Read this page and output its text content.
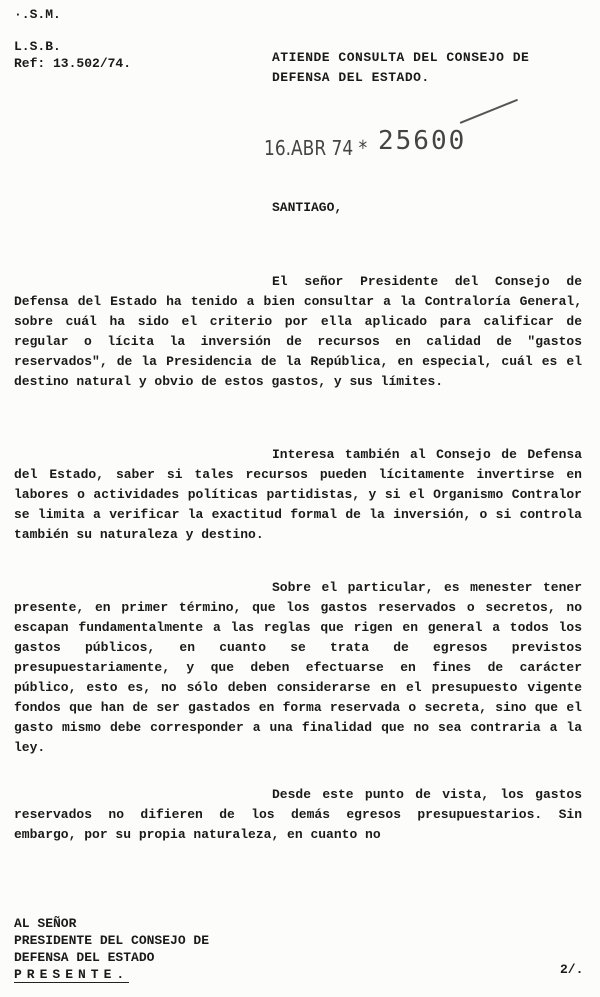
·.S.M.

L.S.B.

Ref: 13.502/74.	ATIENDE CONSULTA DEL CONSEJO DE
DEFENSA DEL ESTADO.
16.ABR 74 * 25600

SANTIAGO,

El señor Presidente del Consejo de Defensa del Estado ha tenido a bien consultar a la Contraloría General, sobre cuál ha sido el criterio por ella aplicado para calificar de regular o lícita la inversión de recursos en calidad de "gastos reservados", de la Presidencia de la República, en especial, cuál es el destino natural y obvio de estos gastos, y sus límites.

Interesa también al Consejo de Defensa del Estado, saber si tales recursos pueden lícitamente invertirse en labores o actividades políticas partidistas, y si el Organismo Contralor se limita a verificar la exactitud formal de la inversión, o si controla también su naturaleza y destino.

Sobre el particular, es menester tener presente, en primer término, que los gastos reservados o secretos, no escapan fundamentalmente a las reglas que rigen en general a todos los gastos públicos, en cuanto se trata de egresos previstos presupuestariamente, y que deben efectuarse en fines de carácter público, esto es, no sólo deben considerarse en el presupuesto vigente fondos que han de ser gastados en forma reservada o secreta, sino que el gasto mismo debe corresponder a una finalidad que no sea contraria a la ley.

Desde este punto de vista, los gastos reservados no difieren de los demás egresos presupuestarios. Sin embargo, por su propia naturaleza, en cuanto no

AL SEÑOR
PRESIDENTE DEL CONSEJO DE
DEFENSA DEL ESTADO
PRESENTE.	2/.
